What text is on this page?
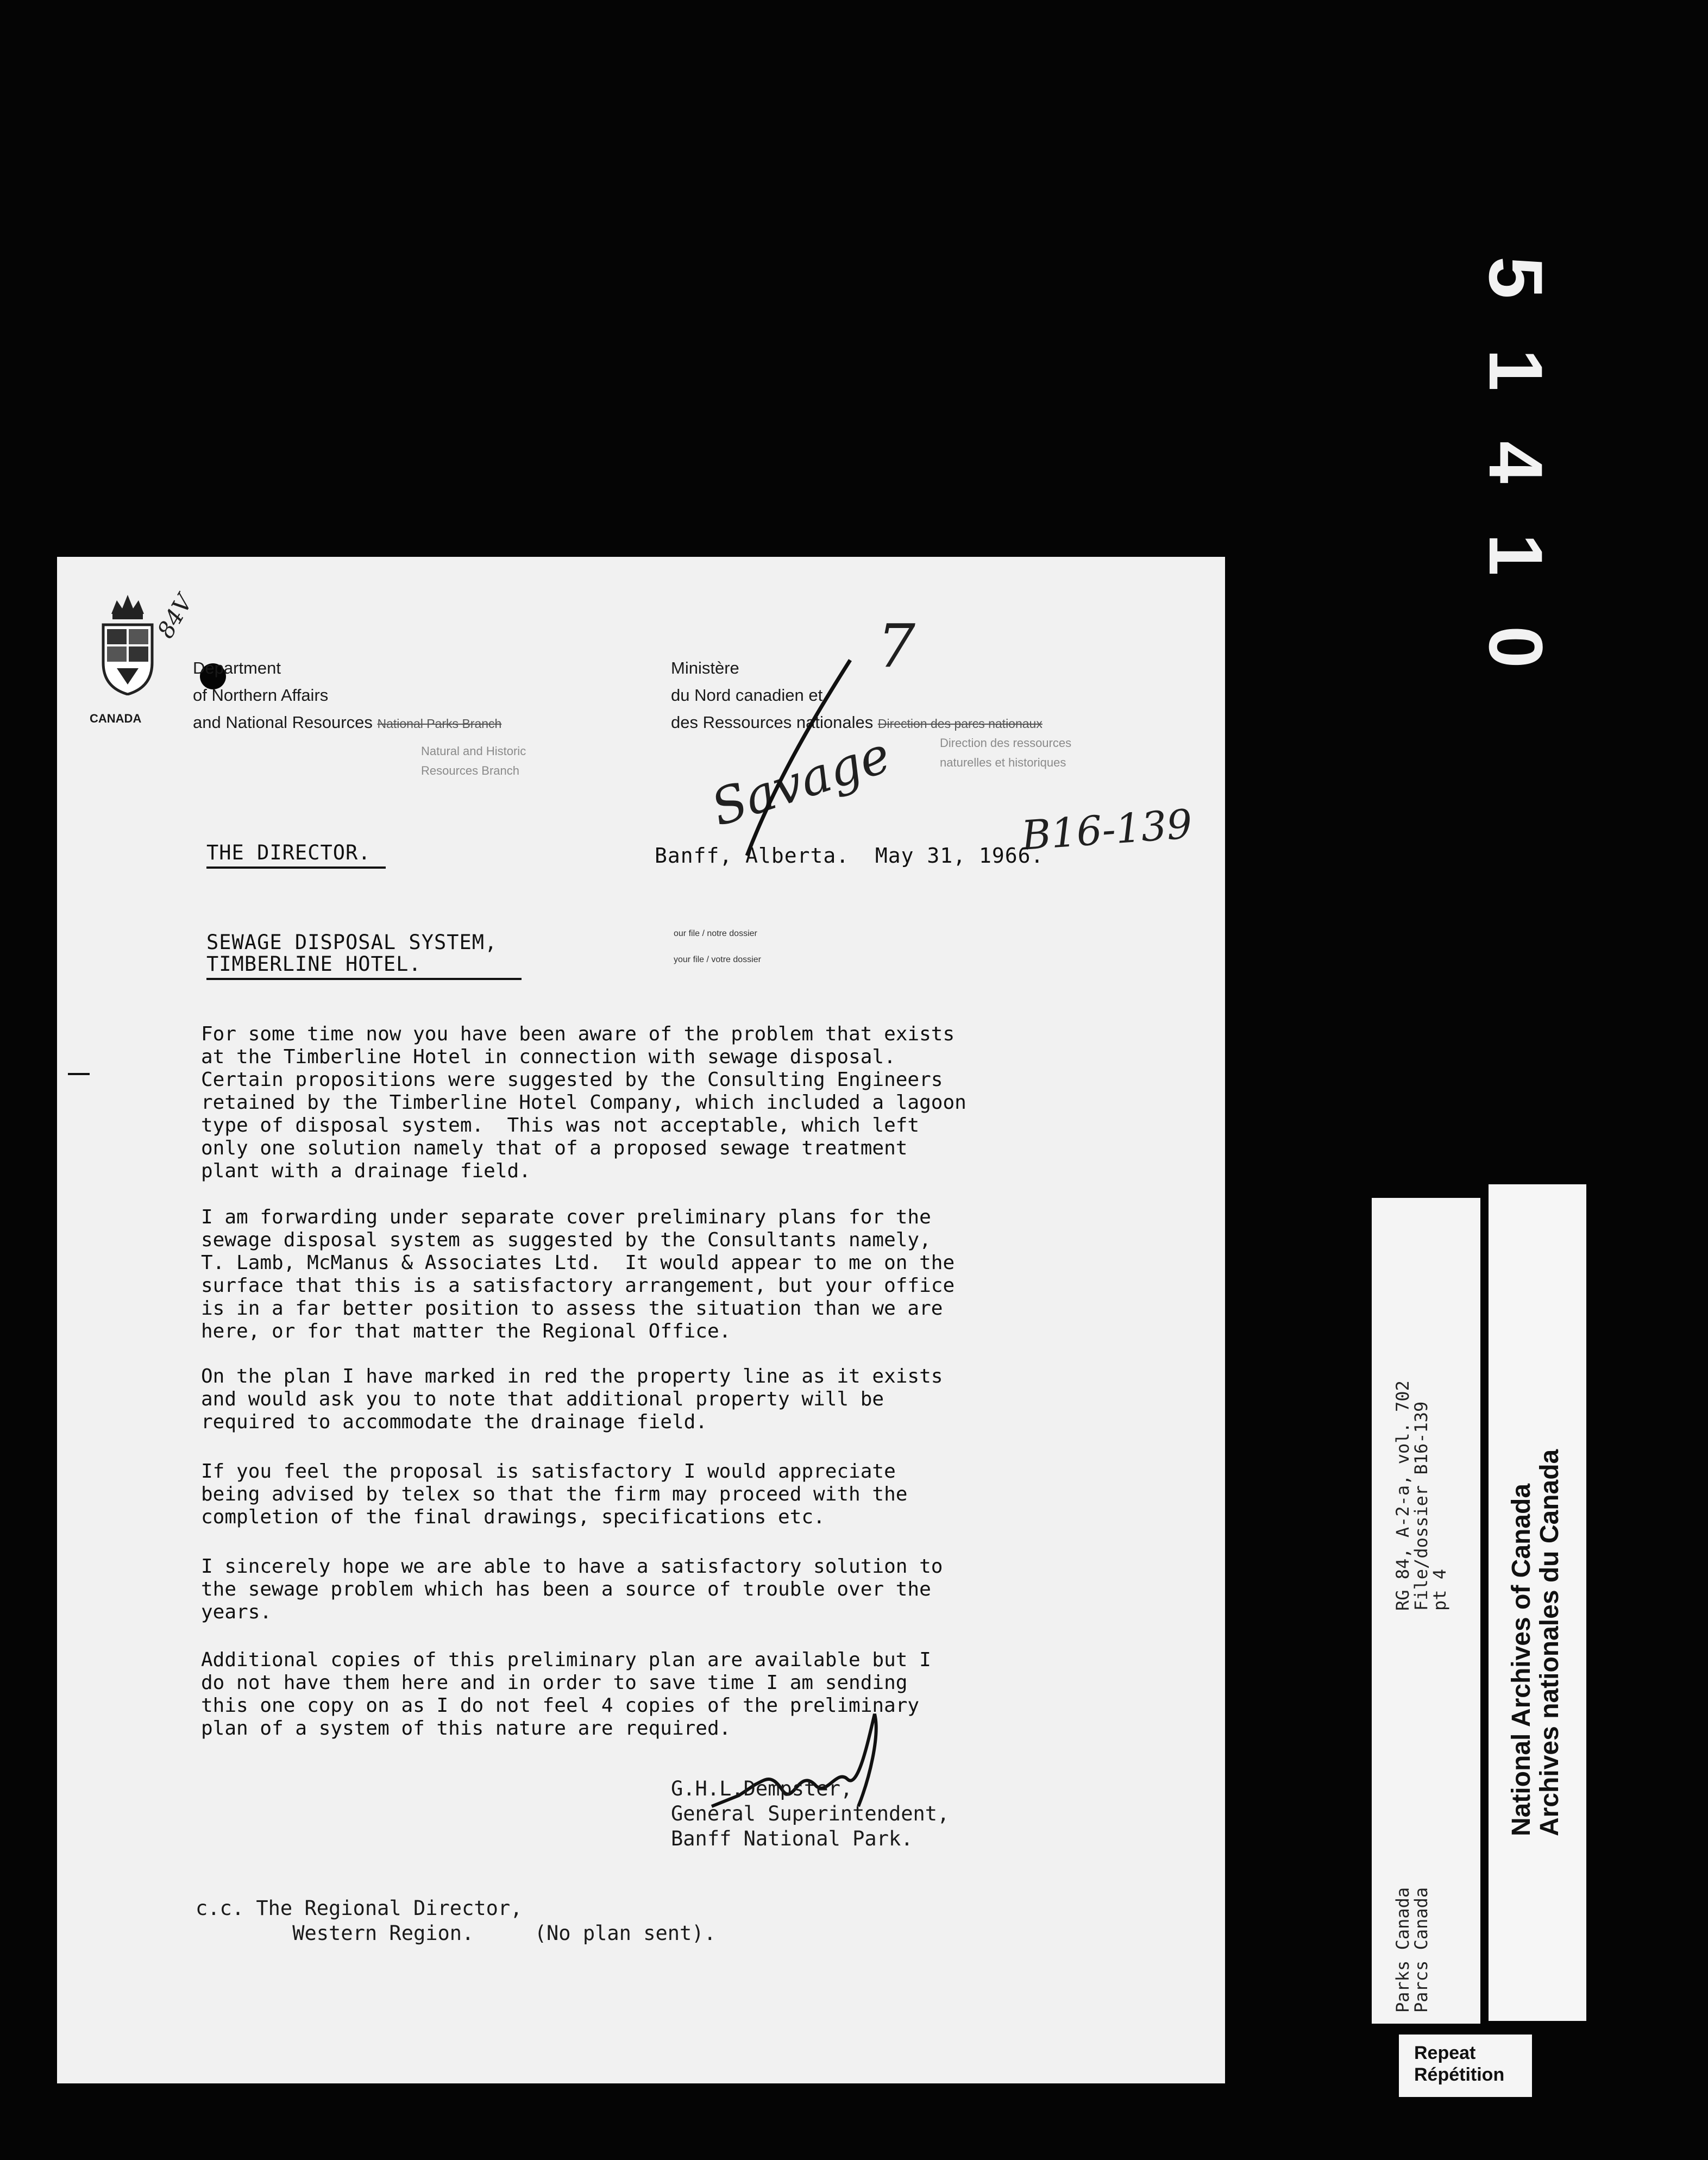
5
1
4
1
0
CANADA
84V
Department
of Northern Affairs
and National Resources National Parks Branch
Natural and Historic
Resources Branch
Ministère
du Nord canadien et
des Ressources nationales Direction des parcs nationaux
Direction des ressources
naturelles et historiques
7
Savage	B16-139
THE DIRECTOR.	Banff, Alberta.  May 31, 1966.
our file / notre dossier
your file / votre dossier
SEWAGE DISPOSAL SYSTEM,
TIMBERLINE HOTEL.
For some time now you have been aware of the problem that exists
at the Timberline Hotel in connection with sewage disposal.
Certain propositions were suggested by the Consulting Engineers
retained by the Timberline Hotel Company, which included a lagoon
type of disposal system.  This was not acceptable, which left
only one solution namely that of a proposed sewage treatment
plant with a drainage field.
I am forwarding under separate cover preliminary plans for the
sewage disposal system as suggested by the Consultants namely,
T. Lamb, McManus & Associates Ltd.  It would appear to me on the
surface that this is a satisfactory arrangement, but your office
is in a far better position to assess the situation than we are
here, or for that matter the Regional Office.
On the plan I have marked in red the property line as it exists
and would ask you to note that additional property will be
required to accommodate the drainage field.
If you feel the proposal is satisfactory I would appreciate
being advised by telex so that the firm may proceed with the
completion of the final drawings, specifications etc.
I sincerely hope we are able to have a satisfactory solution to
the sewage problem which has been a source of trouble over the
years.
Additional copies of this preliminary plan are available but I
do not have them here and in order to save time I am sending
this one copy on as I do not feel 4 copies of the preliminary
plan of a system of this nature are required.
G.H.L.Dempster,
General Superintendent,
Banff National Park.
c.c. The Regional Director,
Western Region.     (No plan sent).
RG 84, A-2-a, vol. 702
File/dossier B16-139
pt 4
Parks Canada
Parcs Canada
National Archives of Canada Archives nationales du Canada
Repeat
Répétition
